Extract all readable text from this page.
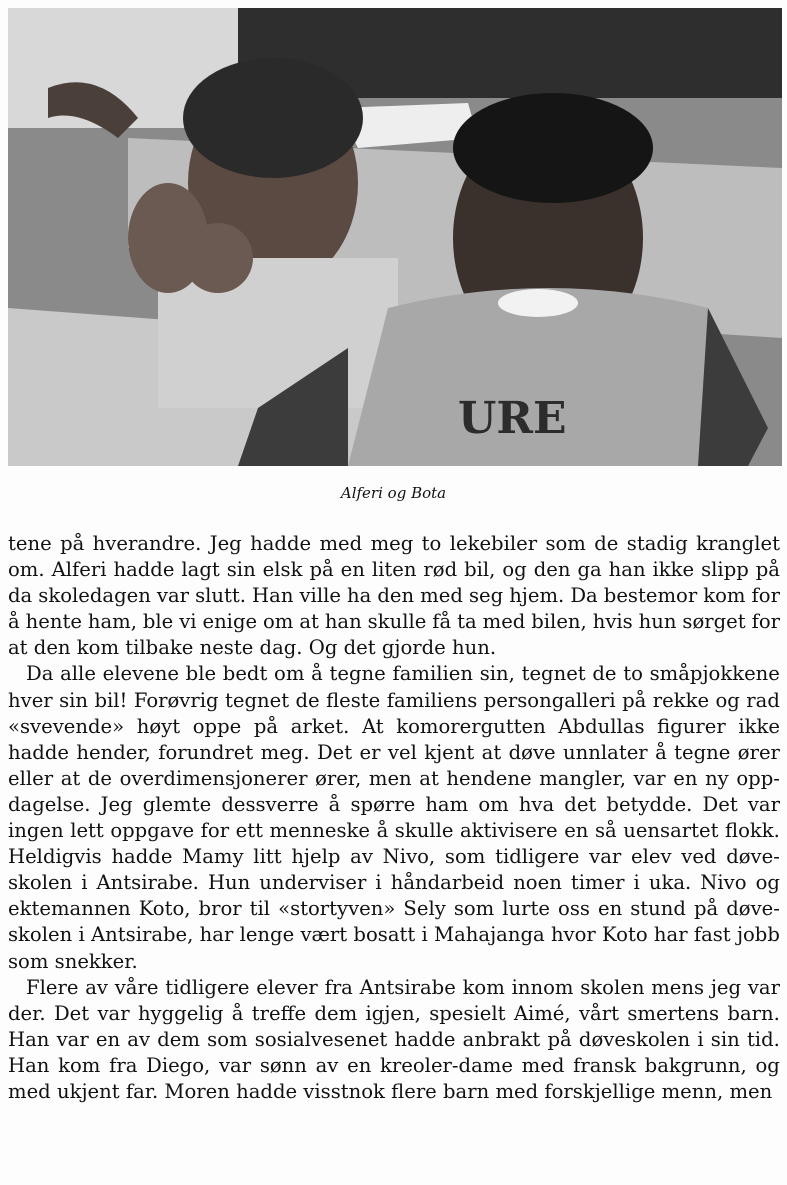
URE
Alferi og Bota
tene på hverandre. Jeg hadde med meg to lekebiler som de stadig kranglet
om. Alferi hadde lagt sin elsk på en liten rød bil, og den ga han ikke slipp på
da skoledagen var slutt. Han ville ha den med seg hjem. Da bestemor kom for
å hente ham, ble vi enige om at han skulle få ta med bilen, hvis hun sørget for
at den kom tilbake neste dag. Og det gjorde hun.
Da alle elevene ble bedt om å tegne familien sin, tegnet de to småpjokkene
hver sin bil! Forøvrig tegnet de fleste familiens persongalleri på rekke og rad
«svevende» høyt oppe på arket. At komorergutten Abdullas figurer ikke
hadde hender, forundret meg. Det er vel kjent at døve unnlater å tegne ører
eller at de overdimensjonerer ører, men at hendene mangler, var en ny opp-
dagelse. Jeg glemte dessverre å spørre ham om hva det betydde. Det var
ingen lett oppgave for ett menneske å skulle aktivisere en så uensartet flokk.
Heldigvis hadde Mamy litt hjelp av Nivo, som tidligere var elev ved døve-
skolen i Antsirabe. Hun underviser i håndarbeid noen timer i uka. Nivo og
ektemannen Koto, bror til «stortyven» Sely som lurte oss en stund på døve-
skolen i Antsirabe, har lenge vært bosatt i Mahajanga hvor Koto har fast jobb
som snekker.
Flere av våre tidligere elever fra Antsirabe kom innom skolen mens jeg var
der. Det var hyggelig å treffe dem igjen, spesielt Aimé, vårt smertens barn.
Han var en av dem som sosialvesenet hadde anbrakt på døveskolen i sin tid.
Han kom fra Diego, var sønn av en kreoler-dame med fransk bakgrunn, og
med ukjent far. Moren hadde visstnok flere barn med forskjellige menn, men
